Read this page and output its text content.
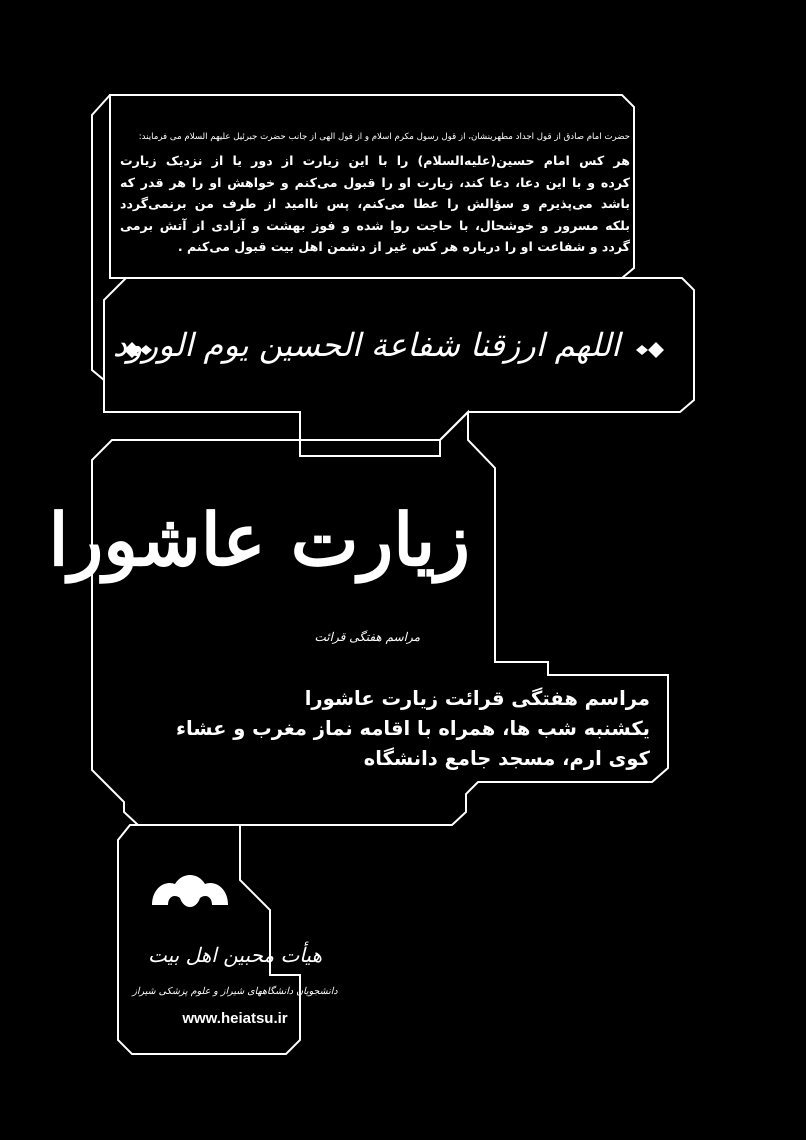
حضرت امام صادق از قول اجداد مطهرینشان، از قول رسول مکرم اسلام و از قول الهی از جانب حضرت جبرئیل علیهم السلام می فرمایند:
هر کس امام حسین(علیه‌السلام) را با این زیارت از دور یا از نزدیک زیارت
کرده و با این دعا، دعا کند، زیارت او را قبول می‌کنم و خواهش او را هر قدر که
باشد می‌پذیرم و سؤالش را عطا می‌کنم، پس ناامید از طرف من برنمی‌گردد
بلکه مسرور و خوشحال، با حاجت روا شده و فوز بهشت و آزادی از آتش برمی
گردد و شفاعت او را درباره هر کس غیر از دشمن اهل بیت قبول می‌کنم .
اللهم ارزقنا شفاعة الحسین یوم الورود
زیارت عاشورا
مراسم هفتگی قرائت
مراسم هفتگی قرائت زیارت عاشورا
یکشنبه شب ها، همراه با اقامه نماز مغرب و عشاء
کوی ارم، مسجد جامع دانشگاه
هیأت محبین اهل بیت
دانشجویان دانشگاههای شیراز و علوم پزشکی شیراز
www.heiatsu.ir
